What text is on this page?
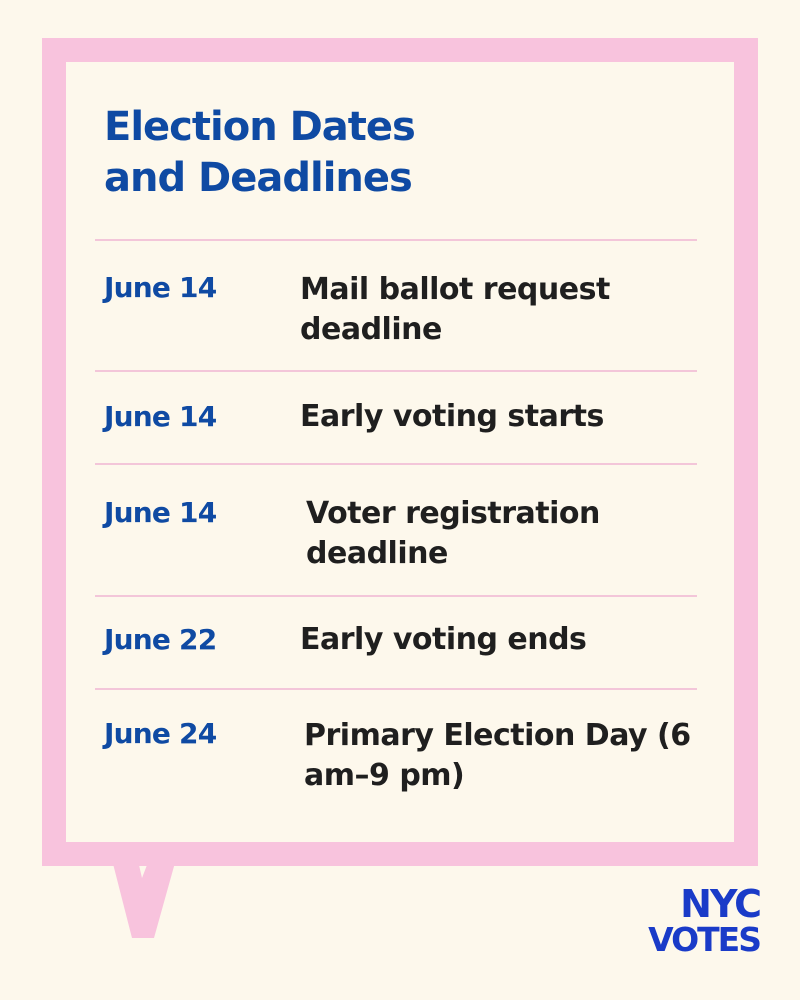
Election Dates
and Deadlines
June 14	Mail ballot request deadline
June 14	Early voting starts
June 14	Voter registration deadline
June 22	Early voting ends
June 24	Primary Election Day (6 am–9 pm)
NYC
VOTES
